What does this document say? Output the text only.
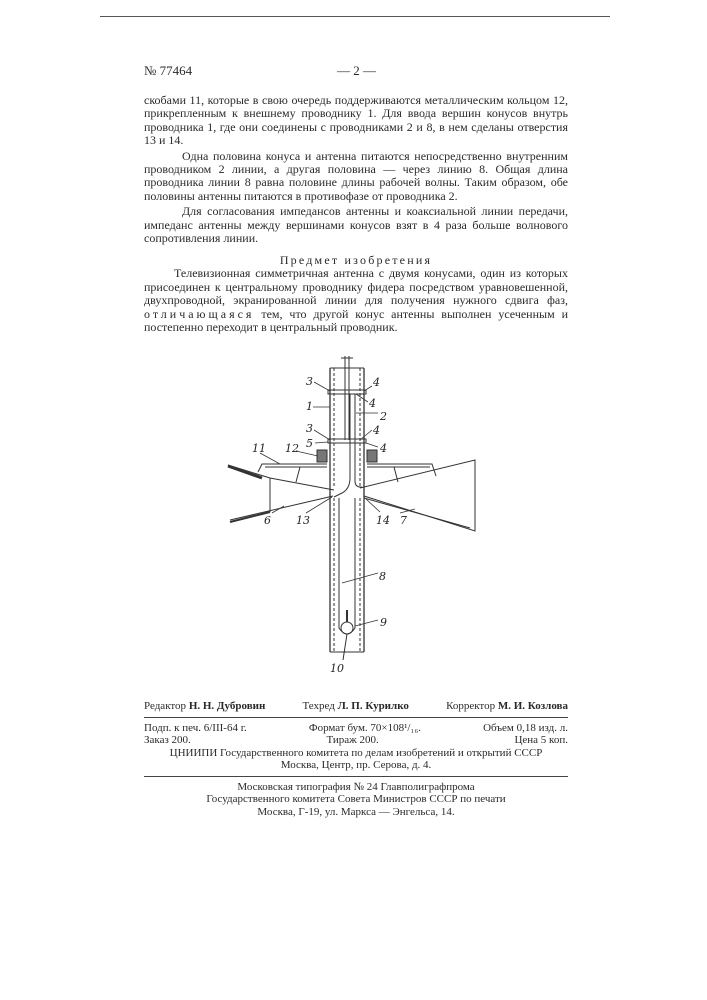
№ 77464	— 2 —

скобами 11, которые в свою очередь поддерживаются металлическим кольцом 12, прикрепленным к внешнему проводнику 1. Для ввода вершин конусов внутрь проводника 1, где они соединены с проводниками 2 и 8, в нем сделаны отверстия 13 и 14.

Одна половина конуса и антенна питаются непосредственно внутренним проводником 2 линии, а другая половина — через линию 8. Общая длина проводника линии 8 равна половине длины рабочей волны. Таким образом, обе половины антенны питаются в противофазе от проводника 2.

Для согласования импедансов антенны и коаксиальной линии передачи, импеданс антенны между вершинами конусов взят в 4 раза больше волнового сопротивления линии.

Предмет изобретения

Телевизионная симметричная антенна с двумя конусами, один из которых присоединен к центральному проводнику фидера посредством уравновешенной, двухпроводной, экранированной линии для получения нужного сдвига фаз, отличающаяся тем, что другой конус антенны выполнен усеченным и постепенно переходит в центральный проводник.

3	4
4
1
2
3	4
5	4
11 12
6 13	14 7
8
9
10
Редактор Н. Н. Дубровин	Техред Л. П. Курилко	Корректор М. И. Козлова
Подп. к печ. 6/III-64 г.	Формат бум. 70×108¹/₁₆.	Объем 0,18 изд. л.
Заказ 200.	Тираж 200.	Цена 5 коп.
ЦНИИПИ Государственного комитета по делам изобретений и открытий СССР
Москва, Центр, пр. Серова, д. 4.
Московская типография № 24 Главполиграфпрома
Государственного комитета Совета Министров СССР по печати
Москва, Г-19, ул. Маркса — Энгельса, 14.
